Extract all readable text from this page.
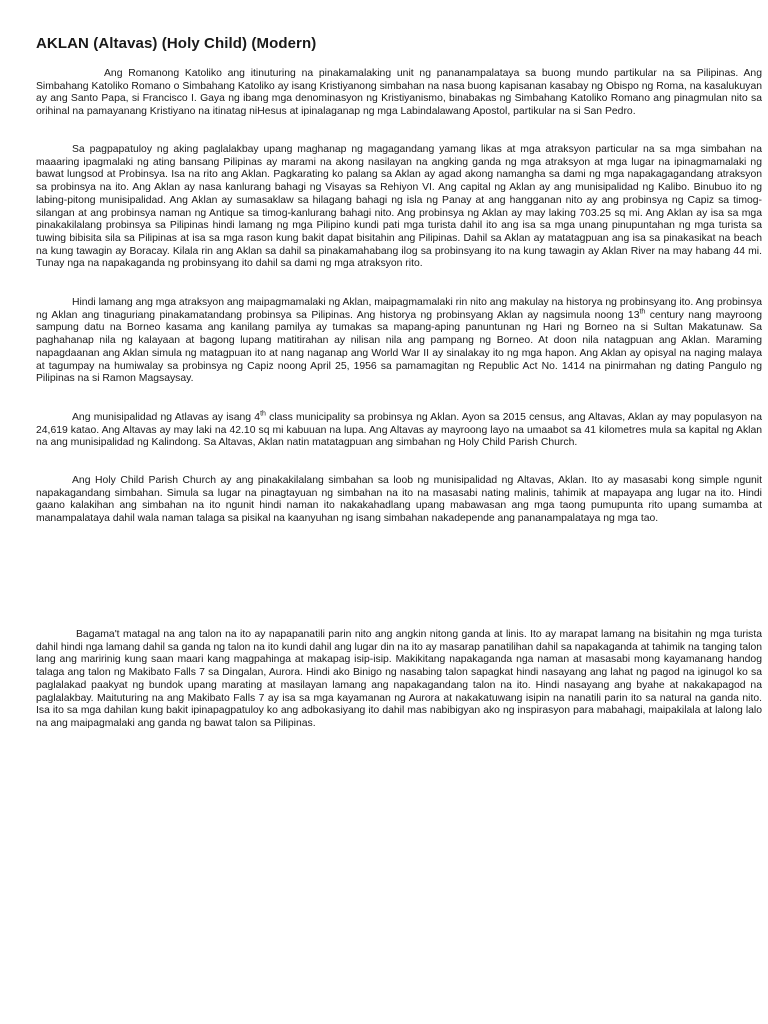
AKLAN (Altavas) (Holy Child) (Modern)

Ang Romanong Katoliko ang itinuturing na pinakamalaking unit ng pananampalataya sa buong mundo partikular na sa Pilipinas. Ang Simbahang Katoliko Romano o Simbahang Katoliko ay isang Kristiyanong simbahan na nasa buong kapisanan kasabay ng Obispo ng Roma, na kasalukuyan ay ang Santo Papa, si Francisco I. Gaya ng ibang mga denominasyon ng Kristiyanismo, binabakas ng Simbahang Katoliko Romano ang pinagmulan nito sa orihinal na pamayanang Kristiyano na itinatag niHesus at ipinalaganap ng mga Labindalawang Apostol, partikular na si San Pedro.

Sa pagpapatuloy ng aking paglalakbay upang maghanap ng magagandang yamang likas at mga atraksyon particular na sa mga simbahan na maaaring ipagmalaki ng ating bansang Pilipinas ay marami na akong nasilayan na angking ganda ng mga atraksyon at mga lugar na ipinagmamalaki ng bawat lungsod at Probinsya. Isa na rito ang Aklan. Pagkarating ko palang sa Aklan ay agad akong namangha sa dami ng mga napakagagandang atraksyon sa probinsya na ito. Ang Aklan ay nasa kanlurang bahagi ng Visayas sa Rehiyon VI. Ang capital ng Aklan ay ang munisipalidad ng Kalibo. Binubuo ito ng labing-pitong munisipalidad. Ang Aklan ay sumasaklaw sa hilagang bahagi ng isla ng Panay at ang hangganan nito ay ang probinsya ng Capiz sa timog-silangan at ang probinsya naman ng Antique sa timog-kanlurang bahagi nito. Ang probinsya ng Aklan ay may laking 703.25 sq mi. Ang Aklan ay isa sa mga pinakakilalang probinsya sa Pilipinas hindi lamang ng mga Pilipino kundi pati mga turista dahil ito ang isa sa mga unang pinupuntahan ng mga turista sa tuwing bibisita sila sa Pilipinas at isa sa mga rason kung bakit dapat bisitahin ang Pilipinas. Dahil sa Aklan ay matatagpuan ang isa sa pinakasikat na beach na kung tawagin ay Boracay. Kilala rin ang Aklan sa dahil sa pinakamahabang ilog sa probinsyang ito na kung tawagin ay Aklan River na may habang 44 mi. Tunay nga na napakaganda ng probinsyang ito dahil sa dami ng mga atraksyon rito.

Hindi lamang ang mga atraksyon ang maipagmamalaki ng Aklan, maipagmamalaki rin nito ang makulay na historya ng probinsyang ito. Ang probinsya ng Aklan ang tinaguriang pinakamatandang probinsya sa Pilipinas. Ang historya ng probinsyang Aklan ay nagsimula noong 13th century nang mayroong sampung datu na Borneo kasama ang kanilang pamilya ay tumakas sa mapang-aping panuntunan ng Hari ng Borneo na si Sultan Makatunaw. Sa paghahanap nila ng kalayaan at bagong lupang matitirahan ay nilisan nila ang pampang ng Borneo. At doon nila natagpuan ang Aklan. Maraming napagdaanan ang Aklan simula ng matagpuan ito at nang naganap ang World War II ay sinalakay ito ng mga hapon. Ang Aklan ay opisyal na naging malaya at tagumpay na humiwalay sa probinsya ng Capiz noong April 25, 1956 sa pamamagitan ng Republic Act No. 1414 na pinirmahan ng dating Pangulo ng Pilipinas na si Ramon Magsaysay.

Ang munisipalidad ng Atlavas ay isang 4th class municipality sa probinsya ng Aklan. Ayon sa 2015 census, ang Altavas, Aklan ay may populasyon na 24,619 katao. Ang Altavas ay may laki na 42.10 sq mi kabuuan na lupa. Ang Altavas ay mayroong layo na umaabot sa 41 kilometres mula sa kapital ng Aklan na ang munisipalidad ng Kalindong. Sa Altavas, Aklan natin matatagpuan ang simbahan ng Holy Child Parish Church.

Ang Holy Child Parish Church ay ang pinakakilalang simbahan sa loob ng munisipalidad ng Altavas, Aklan. Ito ay masasabi kong simple ngunit napakagandang simbahan. Simula sa lugar na pinagtayuan ng simbahan na ito na masasabi nating malinis, tahimik at mapayapa ang lugar na ito. Hindi gaano kalakihan ang simbahan na ito ngunit hindi naman ito nakakahadlang upang mabawasan ang mga taong pumupunta rito upang sumamba at manampalataya dahil wala naman talaga sa pisikal na kaanyuhan ng isang simbahan nakadepende ang pananampalataya ng mga tao.

Bagama't matagal na ang talon na ito ay napapanatili parin nito ang angkin nitong ganda at linis. Ito ay marapat lamang na bisitahin ng mga turista dahil hindi nga lamang dahil sa ganda ng talon na ito kundi dahil ang lugar din na ito ay masarap panatilihan dahil sa napakaganda at tahimik na tanging talon lang ang maririnig kung saan maari kang magpahinga at makapag isip-isip. Makikitang napakaganda nga naman at masasabi mong kayamanang handog talaga ang talon ng Makibato Falls 7 sa Dingalan, Aurora. Hindi ako Binigo ng nasabing talon sapagkat hindi nasayang ang lahat ng pagod na iginugol ko sa paglalakad paakyat ng bundok upang marating at masilayan lamang ang napakagandang talon na ito. Hindi nasayang ang byahe at nakakapagod na paglalakbay. Maituturing na ang Makibato Falls 7 ay isa sa mga kayamanan ng Aurora at nakakatuwang isipin na nanatili parin ito sa natural na ganda nito. Isa ito sa mga dahilan kung bakit ipinapagpatuloy ko ang adbokasiyang ito dahil mas nabibigyan ako ng inspirasyon para mabahagi, maipakilala at lalong lalo na ang maipagmalaki ang ganda ng bawat talon sa Pilipinas.
